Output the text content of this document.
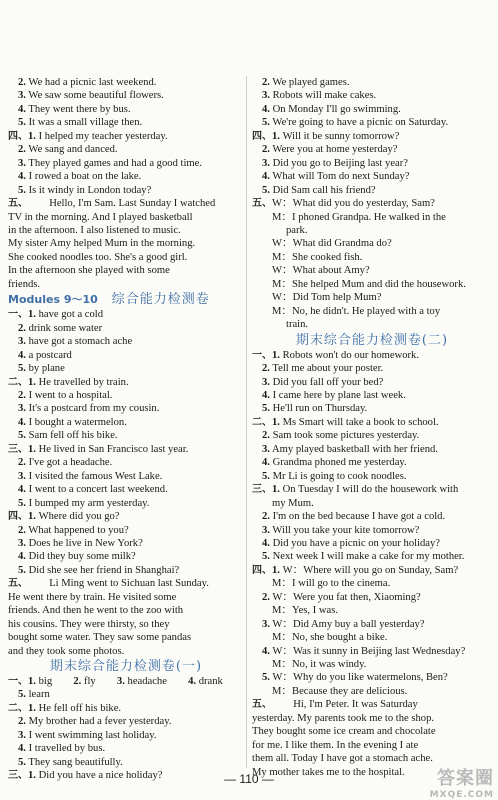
2. We had a picnic last weekend.
3. We saw some beautiful flowers.
4. They went there by bus.
5. It was a small village then.
四、1. I helped my teacher yesterday.
2. We sang and danced.
3. They played games and had a good time.
4. I rowed a boat on the lake.
5. Is it windy in London today?
五、   Hello, I'm Sam. Last Sunday I watched
TV in the morning. And I played basketball
in the afternoon. I also listened to music.
My sister Amy helped Mum in the morning.
She cooked noodles too. She's a good girl.
In the afternoon she played with some
friends.
Modules 9～10  综合能力检测卷
一、1. have got a cold
2. drink some water
3. have got a stomach ache
4. a postcard
5. by plane
二、1. He travelled by train.
2. I went to a hospital.
3. It's a postcard from my cousin.
4. I bought a watermelon.
5. Sam fell off his bike.
三、1. He lived in San Francisco last year.
2. I've got a headache.
3. I visited the famous West Lake.
4. I went to a concert last weekend.
5. I bumped my arm yesterday.
四、1. Where did you go?
2. What happened to you?
3. Does he live in New York?
4. Did they buy some milk?
5. Did she see her friend in Shanghai?
五、   Li Ming went to Sichuan last Sunday.
He went there by train. He visited some
friends. And then he went to the zoo with
his cousins. They were thirsty, so they
bought some water. They saw some pandas
and they took some photos.
期末综合能力检测卷(一)
一、1. big   2. fly   3. headache   4. drank
5. learn
二、1. He fell off his bike.
2. My brother had a fever yesterday.
3. I went swimming last holiday.
4. I travelled by bus.
5. They sang beautifully.
三、1. Did you have a nice holiday?
2. We played games.
3. Robots will make cakes.
4. On Monday I'll go swimming.
5. We're going to have a picnic on Saturday.
四、1. Will it be sunny tomorrow?
2. Were you at home yesterday?
3. Did you go to Beijing last year?
4. What will Tom do next Sunday?
5. Did Sam call his friend?
五、W：What did you do yesterday, Sam?
M：I phoned Grandpa. He walked in the
park.
W：What did Grandma do?
M：She cooked fish.
W：What about Amy?
M：She helped Mum and did the housework.
W：Did Tom help Mum?
M：No, he didn't. He played with a toy
train.
期末综合能力检测卷(二)
一、1. Robots won't do our homework.
2. Tell me about your poster.
3. Did you fall off your bed?
4. I came here by plane last week.
5. He'll run on Thursday.
二、1. Ms Smart will take a book to school.
2. Sam took some pictures yesterday.
3. Amy played basketball with her friend.
4. Grandma phoned me yesterday.
5. Mr Li is going to cook noodles.
三、1. On Tuesday I will do the housework with
my Mum.
2. I'm on the bed because I have got a cold.
3. Will you take your kite tomorrow?
4. Did you have a picnic on your holiday?
5. Next week I will make a cake for my mother.
四、1. W：Where will you go on Sunday, Sam?
M：I will go to the cinema.
2. W：Were you fat then, Xiaoming?
M：Yes, I was.
3. W：Did Amy buy a ball yesterday?
M：No, she bought a bike.
4. W：Was it sunny in Beijing last Wednesday?
M：No, it was windy.
5. W：Why do you like watermelons, Ben?
M：Because they are delicious.
五、   Hi, I'm Peter. It was Saturday
yesterday. My parents took me to the shop.
They bought some ice cream and chocolate
for me. I like them. In the evening I ate
them all. Today I have got a stomach ache.
My mother takes me to the hospital.
— 110 —	答案圈
MXQE.COM
